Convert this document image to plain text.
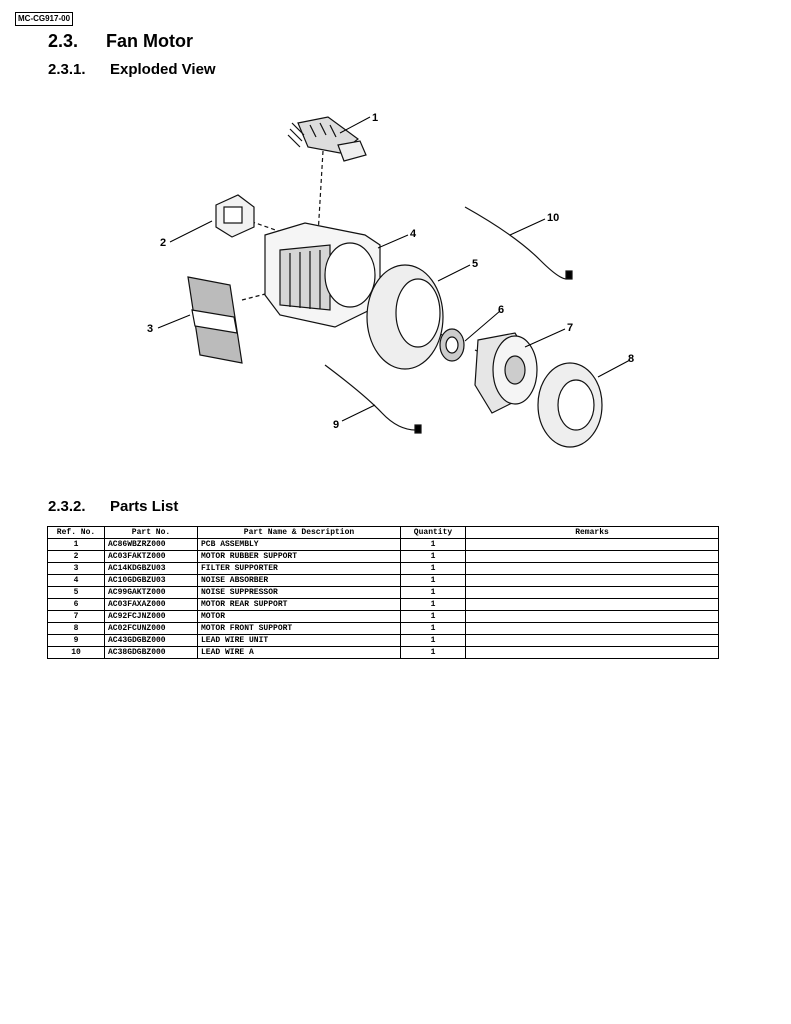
MC-CG917-00
2.3. Fan Motor
2.3.1. Exploded View
1
2
3
4
5
6
7
8
9
10
2.3.2. Parts List
Ref. No.	Part No.	Part Name & Description	Quantity	Remarks
1	AC86WBZRZ000	PCB ASSEMBLY	1	
2	AC03FAKTZ000	MOTOR RUBBER SUPPORT	1	
3	AC14KDGBZU03	FILTER SUPPORTER	1	
4	AC10GDGBZU03	NOISE ABSORBER	1	
5	AC99GAKTZ000	NOISE SUPPRESSOR	1	
6	AC03FAXAZ000	MOTOR REAR SUPPORT	1	
7	AC92FCJNZ000	MOTOR	1	
8	AC02FCUNZ000	MOTOR FRONT SUPPORT	1	
9	AC43GDGBZ000	LEAD WIRE UNIT	1	
10	AC38GDGBZ000	LEAD WIRE A	1	
